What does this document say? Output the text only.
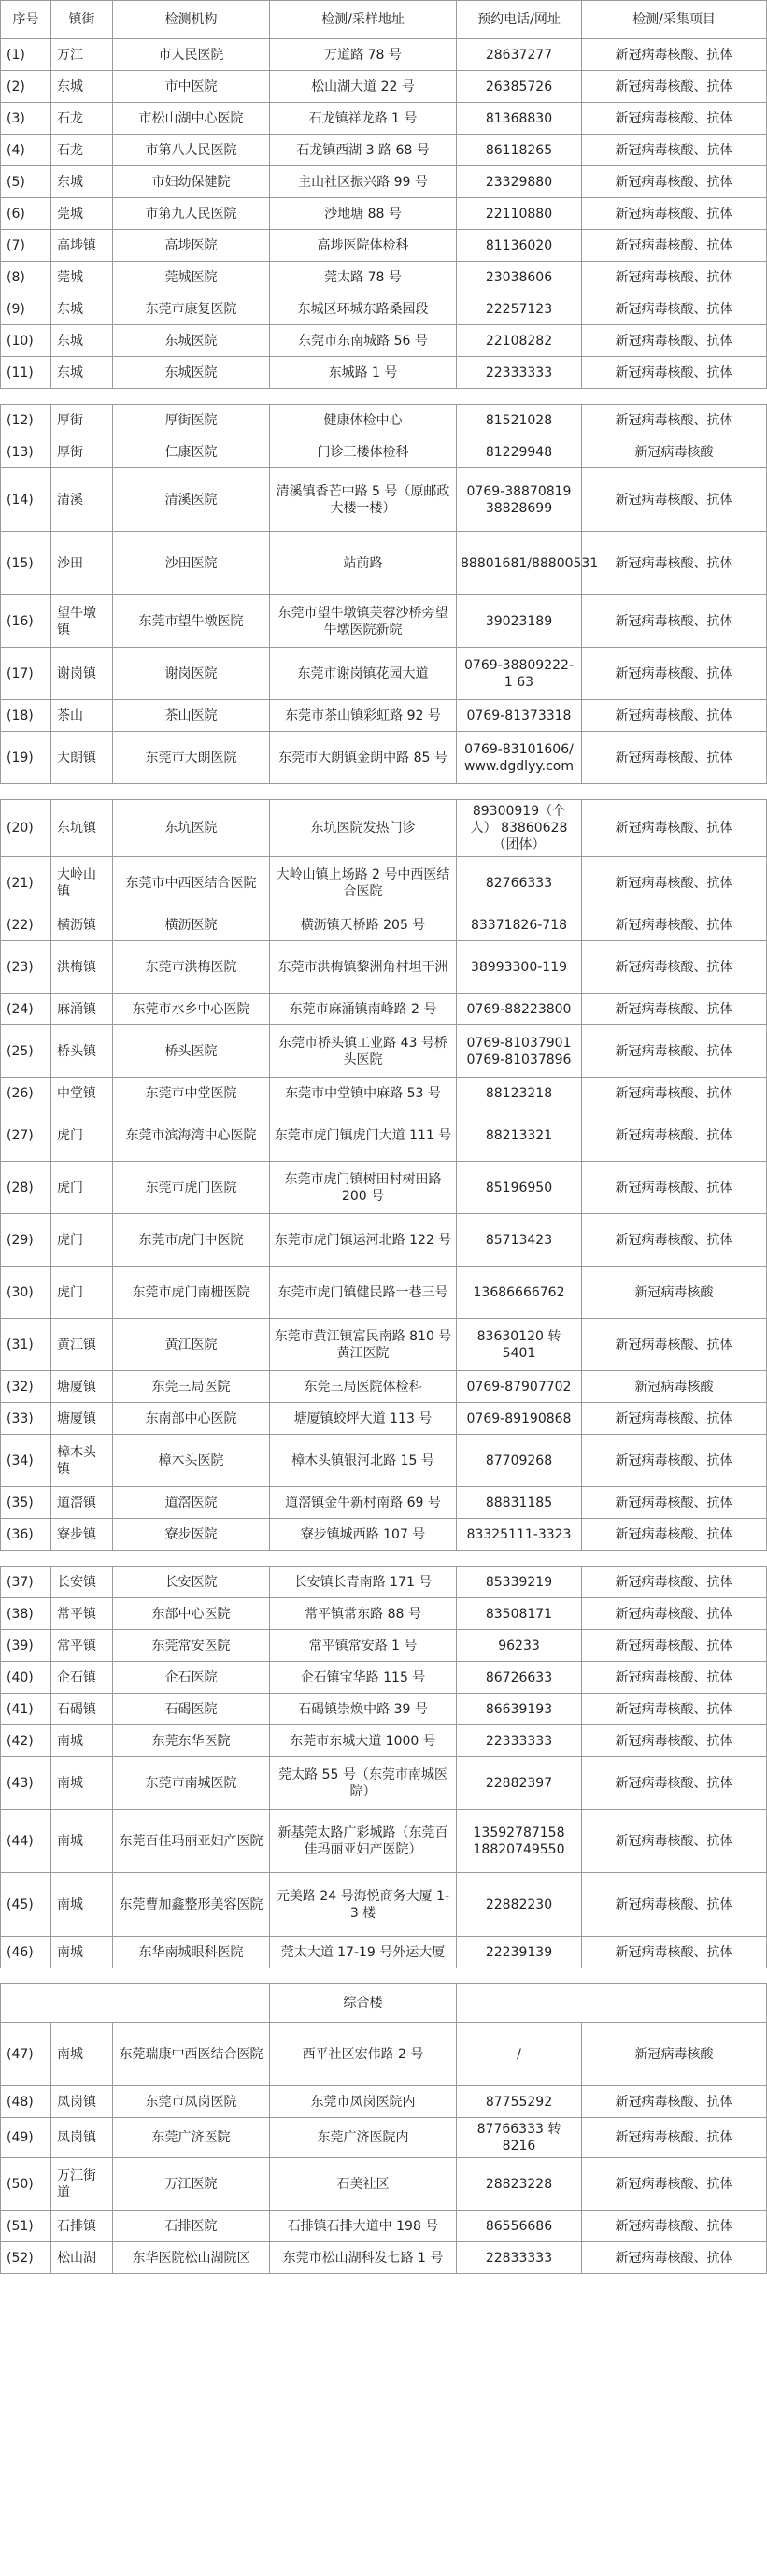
序号	镇街	检测机构	检测/采样地址	预约电话/网址	检测/采集项目
(1)	万江	市人民医院	万道路 78 号	28637277	新冠病毒核酸、抗体
(2)	东城	市中医院	松山湖大道 22 号	26385726	新冠病毒核酸、抗体
(3)	石龙	市松山湖中心医院	石龙镇祥龙路 1 号	81368830	新冠病毒核酸、抗体
(4)	石龙	市第八人民医院	石龙镇西湖 3 路 68 号	86118265	新冠病毒核酸、抗体
(5)	东城	市妇幼保健院	主山社区振兴路 99 号	23329880	新冠病毒核酸、抗体
(6)	莞城	市第九人民医院	沙地塘 88 号	22110880	新冠病毒核酸、抗体
(7)	高埗镇	高埗医院	高埗医院体检科	81136020	新冠病毒核酸、抗体
(8)	莞城	莞城医院	莞太路 78 号	23038606	新冠病毒核酸、抗体
(9)	东城	东莞市康复医院	东城区环城东路桑园段	22257123	新冠病毒核酸、抗体
(10)	东城	东城医院	东莞市东南城路 56 号	22108282	新冠病毒核酸、抗体
(11)	东城	东城医院	东城路 1 号	22333333	新冠病毒核酸、抗体

(12)	厚街	厚街医院	健康体检中心	81521028	新冠病毒核酸、抗体
(13)	厚街	仁康医院	门诊三楼体检科	81229948	新冠病毒核酸
(14)	清溪	清溪医院	清溪镇香芒中路 5 号（原邮政大楼一楼）	0769-38870819 38828699	新冠病毒核酸、抗体
(15)	沙田	沙田医院	站前路	88801681/88800531	新冠病毒核酸、抗体
(16)	望牛墩镇	东莞市望牛墩医院	东莞市望牛墩镇芙蓉沙桥旁望牛墩医院新院	39023189	新冠病毒核酸、抗体
(17)	谢岗镇	谢岗医院	东莞市谢岗镇花园大道	0769-38809222-1 63	新冠病毒核酸、抗体
(18)	茶山	茶山医院	东莞市茶山镇彩虹路 92 号	0769-81373318	新冠病毒核酸、抗体
(19)	大朗镇	东莞市大朗医院	东莞市大朗镇金朗中路 85 号	0769-83101606/ www.dgdlyy.com	新冠病毒核酸、抗体

(20)	东坑镇	东坑医院	东坑医院发热门诊	89300919（个人） 83860628（团体）	新冠病毒核酸、抗体
(21)	大岭山镇	东莞市中西医结合医院	大岭山镇上场路 2 号中西医结合医院	82766333	新冠病毒核酸、抗体
(22)	横沥镇	横沥医院	横沥镇天桥路 205 号	83371826-718	新冠病毒核酸、抗体
(23)	洪梅镇	东莞市洪梅医院	东莞市洪梅镇黎洲角村坦干洲	38993300-119	新冠病毒核酸、抗体
(24)	麻涌镇	东莞市水乡中心医院	东莞市麻涌镇南峰路 2 号	0769-88223800	新冠病毒核酸、抗体
(25)	桥头镇	桥头医院	东莞市桥头镇工业路 43 号桥头医院	0769-81037901 0769-81037896	新冠病毒核酸、抗体
(26)	中堂镇	东莞市中堂医院	东莞市中堂镇中麻路 53 号	88123218	新冠病毒核酸、抗体
(27)	虎门	东莞市滨海湾中心医院	东莞市虎门镇虎门大道 111 号	88213321	新冠病毒核酸、抗体
(28)	虎门	东莞市虎门医院	东莞市虎门镇树田村树田路 200 号	85196950	新冠病毒核酸、抗体
(29)	虎门	东莞市虎门中医院	东莞市虎门镇运河北路 122 号	85713423	新冠病毒核酸、抗体
(30)	虎门	东莞市虎门南栅医院	东莞市虎门镇健民路一巷三号	13686666762	新冠病毒核酸
(31)	黄江镇	黄江医院	东莞市黄江镇富民南路 810 号黄江医院	83630120 转 5401	新冠病毒核酸、抗体
(32)	塘厦镇	东莞三局医院	东莞三局医院体检科	0769-87907702	新冠病毒核酸
(33)	塘厦镇	东南部中心医院	塘厦镇蛟坪大道 113 号	0769-89190868	新冠病毒核酸、抗体
(34)	樟木头镇	樟木头医院	樟木头镇银河北路 15 号	87709268	新冠病毒核酸、抗体
(35)	道滘镇	道滘医院	道滘镇金牛新村南路 69 号	88831185	新冠病毒核酸、抗体
(36)	寮步镇	寮步医院	寮步镇城西路 107 号	83325111-3323	新冠病毒核酸、抗体

(37)	长安镇	长安医院	长安镇长青南路 171 号	85339219	新冠病毒核酸、抗体
(38)	常平镇	东部中心医院	常平镇常东路 88 号	83508171	新冠病毒核酸、抗体
(39)	常平镇	东莞常安医院	常平镇常安路 1 号	96233	新冠病毒核酸、抗体
(40)	企石镇	企石医院	企石镇宝华路 115 号	86726633	新冠病毒核酸、抗体
(41)	石碣镇	石碣医院	石碣镇崇焕中路 39 号	86639193	新冠病毒核酸、抗体
(42)	南城	东莞东华医院	东莞市东城大道 1000 号	22333333	新冠病毒核酸、抗体
(43)	南城	东莞市南城医院	莞太路 55 号（东莞市南城医院）	22882397	新冠病毒核酸、抗体
(44)	南城	东莞百佳玛丽亚妇产医院	新基莞太路广彩城路（东莞百佳玛丽亚妇产医院）	13592787158 18820749550	新冠病毒核酸、抗体
(45)	南城	东莞曹加鑫整形美容医院	元美路 24 号海悦商务大厦 1-3 楼	22882230	新冠病毒核酸、抗体
(46)	南城	东华南城眼科医院	莞太大道 17-19 号外运大厦	22239139	新冠病毒核酸、抗体

			综合楼		
(47)	南城	东莞瑞康中西医结合医院	西平社区宏伟路 2 号	/	新冠病毒核酸
(48)	凤岗镇	东莞市凤岗医院	东莞市凤岗医院内	87755292	新冠病毒核酸、抗体
(49)	凤岗镇	东莞广济医院	东莞广济医院内	87766333 转 8216	新冠病毒核酸、抗体
(50)	万江街道	万江医院	石美社区	28823228	新冠病毒核酸、抗体
(51)	石排镇	石排医院	石排镇石排大道中 198 号	86556686	新冠病毒核酸、抗体
(52)	松山湖	东华医院松山湖院区	东莞市松山湖科发七路 1 号	22833333	新冠病毒核酸、抗体
